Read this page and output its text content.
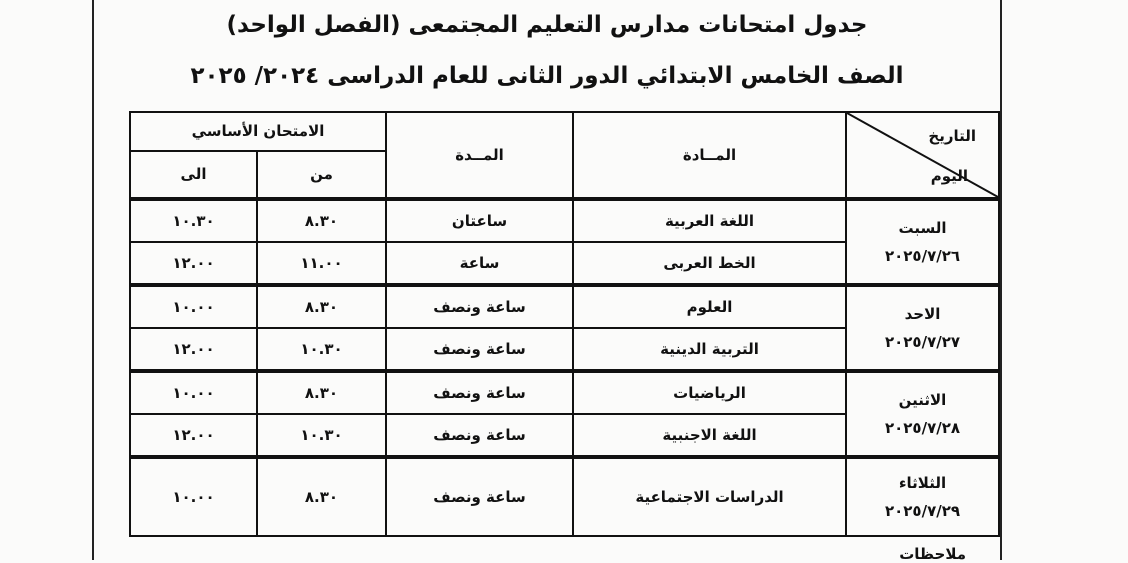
جدول امتحانات مدارس التعليم المجتمعى (الفصل الواحد)
الصف الخامس الابتدائي الدور الثانى للعام الدراسى ٢٠٢٤/ ٢٠٢٥
التاريخ
اليوم	المــادة	المــدة	الامتحان الأساسي	
			من	الى
السبت
٢٠٢٥/٧/٢٦	اللغة العربية	ساعتان	٨.٣٠	١٠.٣٠
	الخط العربى	ساعة	١١.٠٠	١٢.٠٠
الاحد
٢٠٢٥/٧/٢٧	العلوم	ساعة ونصف	٨.٣٠	١٠.٠٠
	التربية الدينية	ساعة ونصف	١٠.٣٠	١٢.٠٠
الاثنين
٢٠٢٥/٧/٢٨	الرياضيات	ساعة ونصف	٨.٣٠	١٠.٠٠
	اللغة الاجنبية	ساعة ونصف	١٠.٣٠	١٢.٠٠
الثلاثاء
٢٠٢٥/٧/٢٩	الدراسات الاجتماعية	ساعة ونصف	٨.٣٠	١٠.٠٠
ملاحظات
